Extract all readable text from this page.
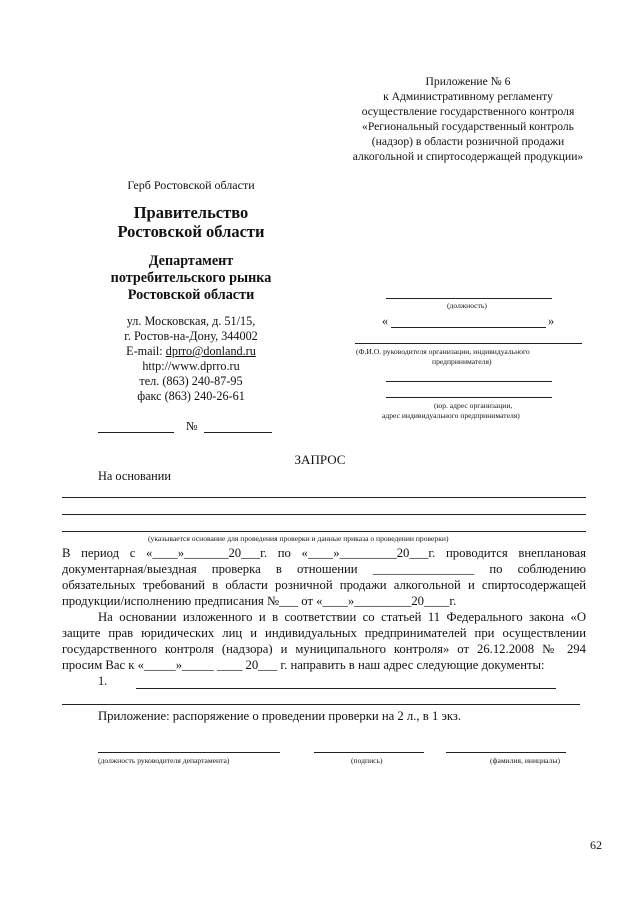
Приложение № 6
к Административному регламенту
осуществление государственного контроля
«Региональный государственный контроль
(надзор) в области розничной продажи
алкогольной и спиртосодержащей продукции»
Герб Ростовской области
Правительство
Ростовской области
Департамент
потребительского рынка
Ростовской области
ул. Московская, д. 51/15,
г. Ростов-на-Дону, 344002
E-mail: dprro@donland.ru
http://www.dprro.ru
тел. (863) 240-87-95
факс (863) 240-26-61
№
(должность)
«	»
(Ф.И.О. руководителя организации, индивидуального
предпринимателя)
(юр. адрес организации,
адрес индивидуального предпринимателя)
ЗАПРОС
На основании
(указывается основание для проведения проверки и данные приказа о проведении проверки)
В период с «____»_______20___г. по «____»_________20___г. проводится внеплановая
документарная/выездная проверка в отношении ________________ по соблюдению
обязательных требований в области розничной продажи алкогольной и спиртосодержащей
продукции/исполнению предписания №___ от «____»_________20____г.
На основании изложенного и в соответствии со статьей 11 Федерального закона «О
защите прав юридических лиц и индивидуальных предпринимателей при осуществлении
государственного контроля (надзора) и муниципального контроля» от 26.12.2008 № 294
просим Вас к «_____»_____ ____ 20___ г. направить в наш адрес следующие документы:
1.
Приложение: распоряжение о проведении проверки на 2 л., в 1 экз.
(должность руководителя департамента)	(подпись)	(фамилия, инициалы)
62
